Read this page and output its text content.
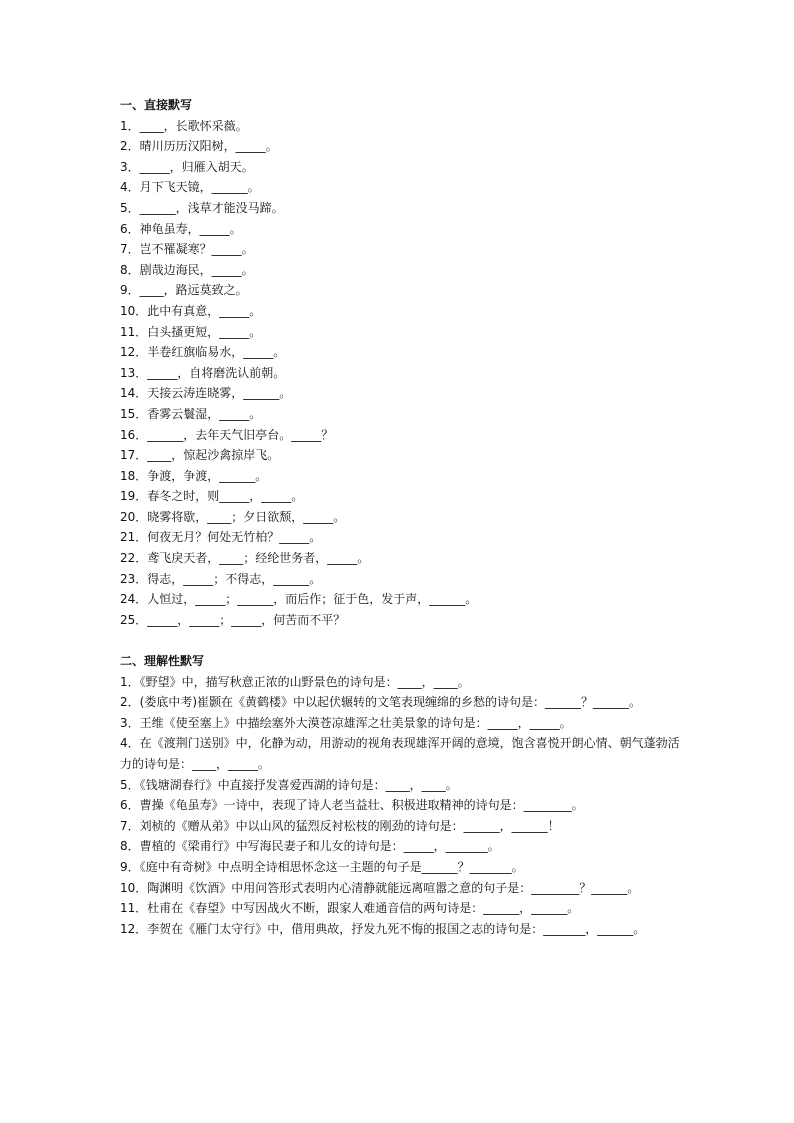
一、直接默写
1．____，长歌怀采薇。
2．晴川历历汉阳树，_____。
3．_____，归雁入胡天。
4．月下飞天镜，______。
5．______，浅草才能没马蹄。
6．神龟虽寿，_____。
7．岂不罹凝寒？_____。
8．剧哉边海民，_____。
9．____，路远莫致之。
10．此中有真意，_____。
11．白头搔更短，_____。
12．半卷红旗临易水，_____。
13．_____，自将磨洗认前朝。
14．天接云涛连晓雾，______。
15．香雾云鬟湿，_____。
16．______，去年天气旧亭台。_____？
17．____，惊起沙禽掠岸飞。
18．争渡，争渡，______。
19．春冬之时，则_____，_____。
20．晓雾将歇，____；夕日欲颓，_____。
21．何夜无月？何处无竹柏？_____。
22．鸢飞戾天者，____；经纶世务者，_____。
23．得志，_____；不得志，______。
24．人恒过，_____；______，而后作；征于色，发于声，______。
25．_____，_____；_____，何苦而不平？
二、理解性默写
1．《野望》中，描写秋意正浓的山野景色的诗句是：____，____。
2．(娄底中考)崔颢在《黄鹤楼》中以起伏辗转的文笔表现缠绵的乡愁的诗句是：______？______。
3．王维《使至塞上》中描绘塞外大漠苍凉雄浑之壮美景象的诗句是：_____，_____。
4．在《渡荆门送别》中，化静为动，用游动的视角表现雄浑开阔的意境，饱含喜悦开朗心情、朝气蓬勃活力的诗句是：____，_____。
5．《钱塘湖春行》中直接抒发喜爱西湖的诗句是：____，____。
6．曹操《龟虽寿》一诗中，表现了诗人老当益壮、积极进取精神的诗句是：________。
7．刘桢的《赠从弟》中以山风的猛烈反衬松枝的刚劲的诗句是：______，______！
8．曹植的《梁甫行》中写海民妻子和儿女的诗句是：_____，_______。
9．《庭中有奇树》中点明全诗相思怀念这一主题的句子是______？_______。
10．陶渊明《饮酒》中用问答形式表明内心清静就能远离喧嚣之意的句子是：________？______。
11．杜甫在《春望》中写因战火不断，跟家人难通音信的两句诗是：______，______。
12．李贺在《雁门太守行》中，借用典故，抒发九死不悔的报国之志的诗句是：_______，______。
